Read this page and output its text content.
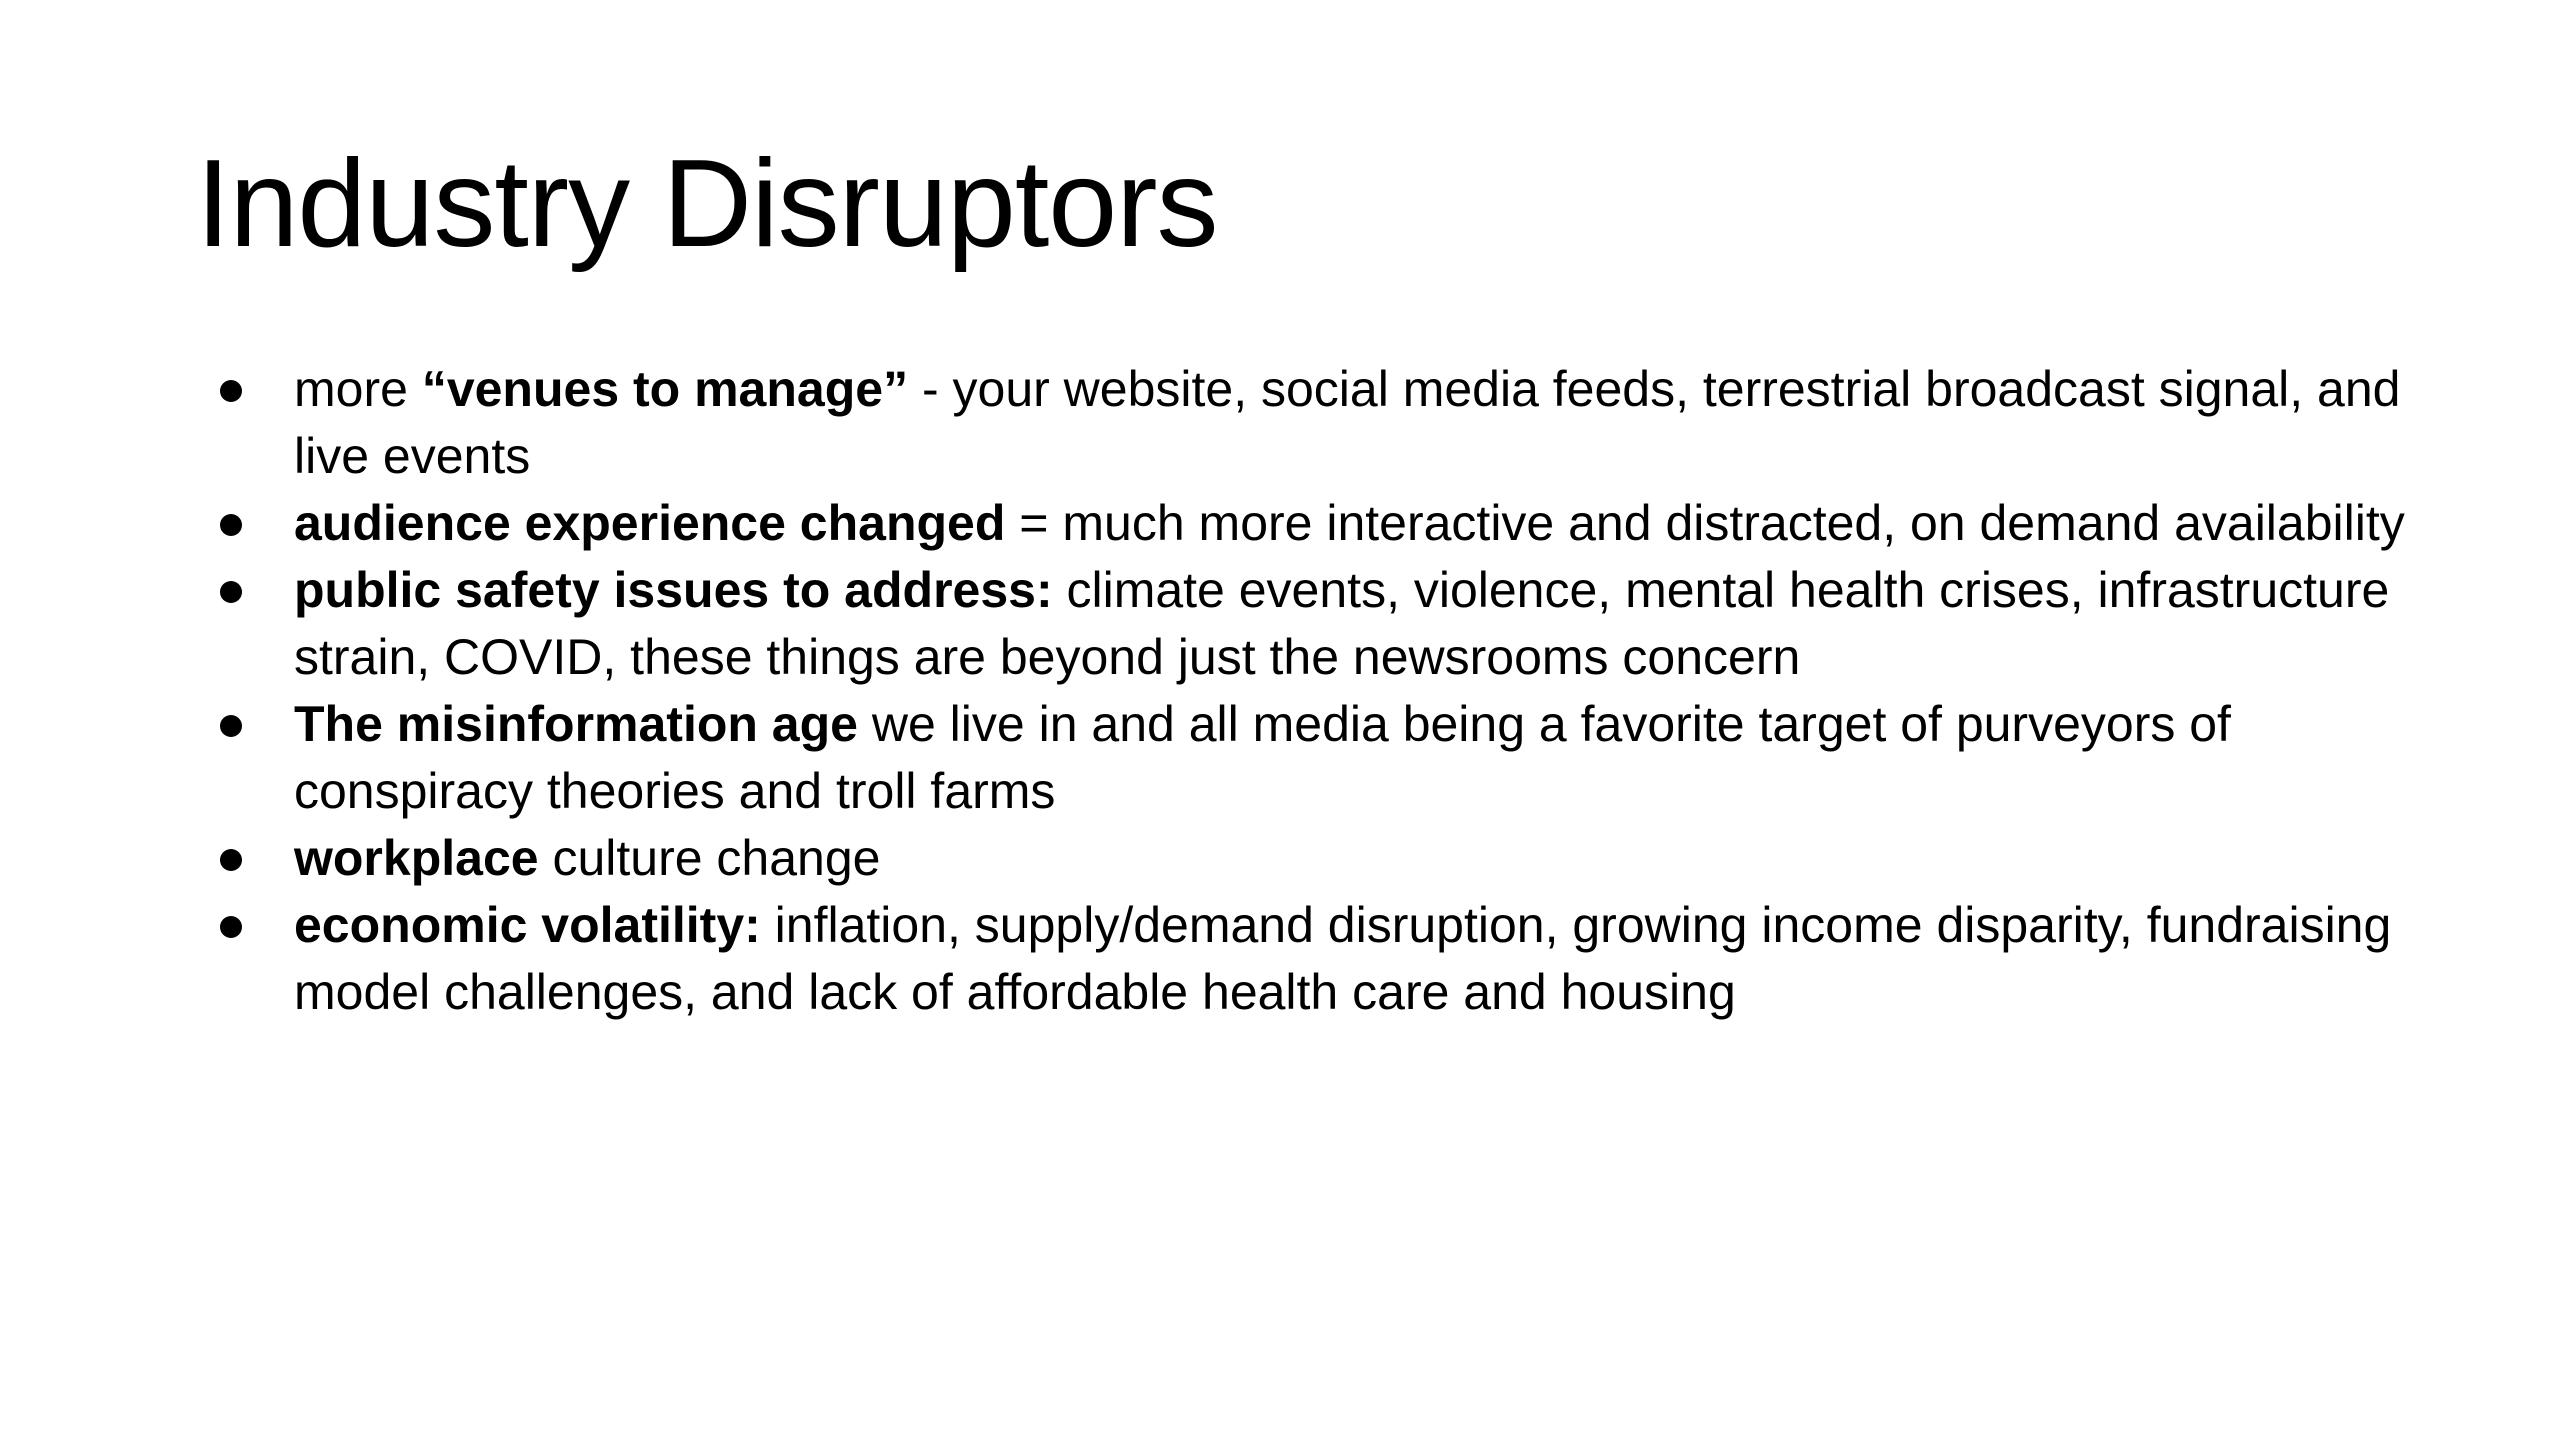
Industry Disruptors
more “venues to manage” - your website, social media feeds, terrestrial broadcast signal, and live events
audience experience changed = much more interactive and distracted, on demand availability
public safety issues to address: climate events, violence, mental health crises, infrastructure strain, COVID, these things are beyond just the newsrooms concern
The misinformation age we live in and all media being a favorite target of purveyors of conspiracy theories and troll farms
workplace culture change
economic volatility: inflation, supply/demand disruption, growing income disparity, fundraising model challenges, and lack of affordable health care and housing
